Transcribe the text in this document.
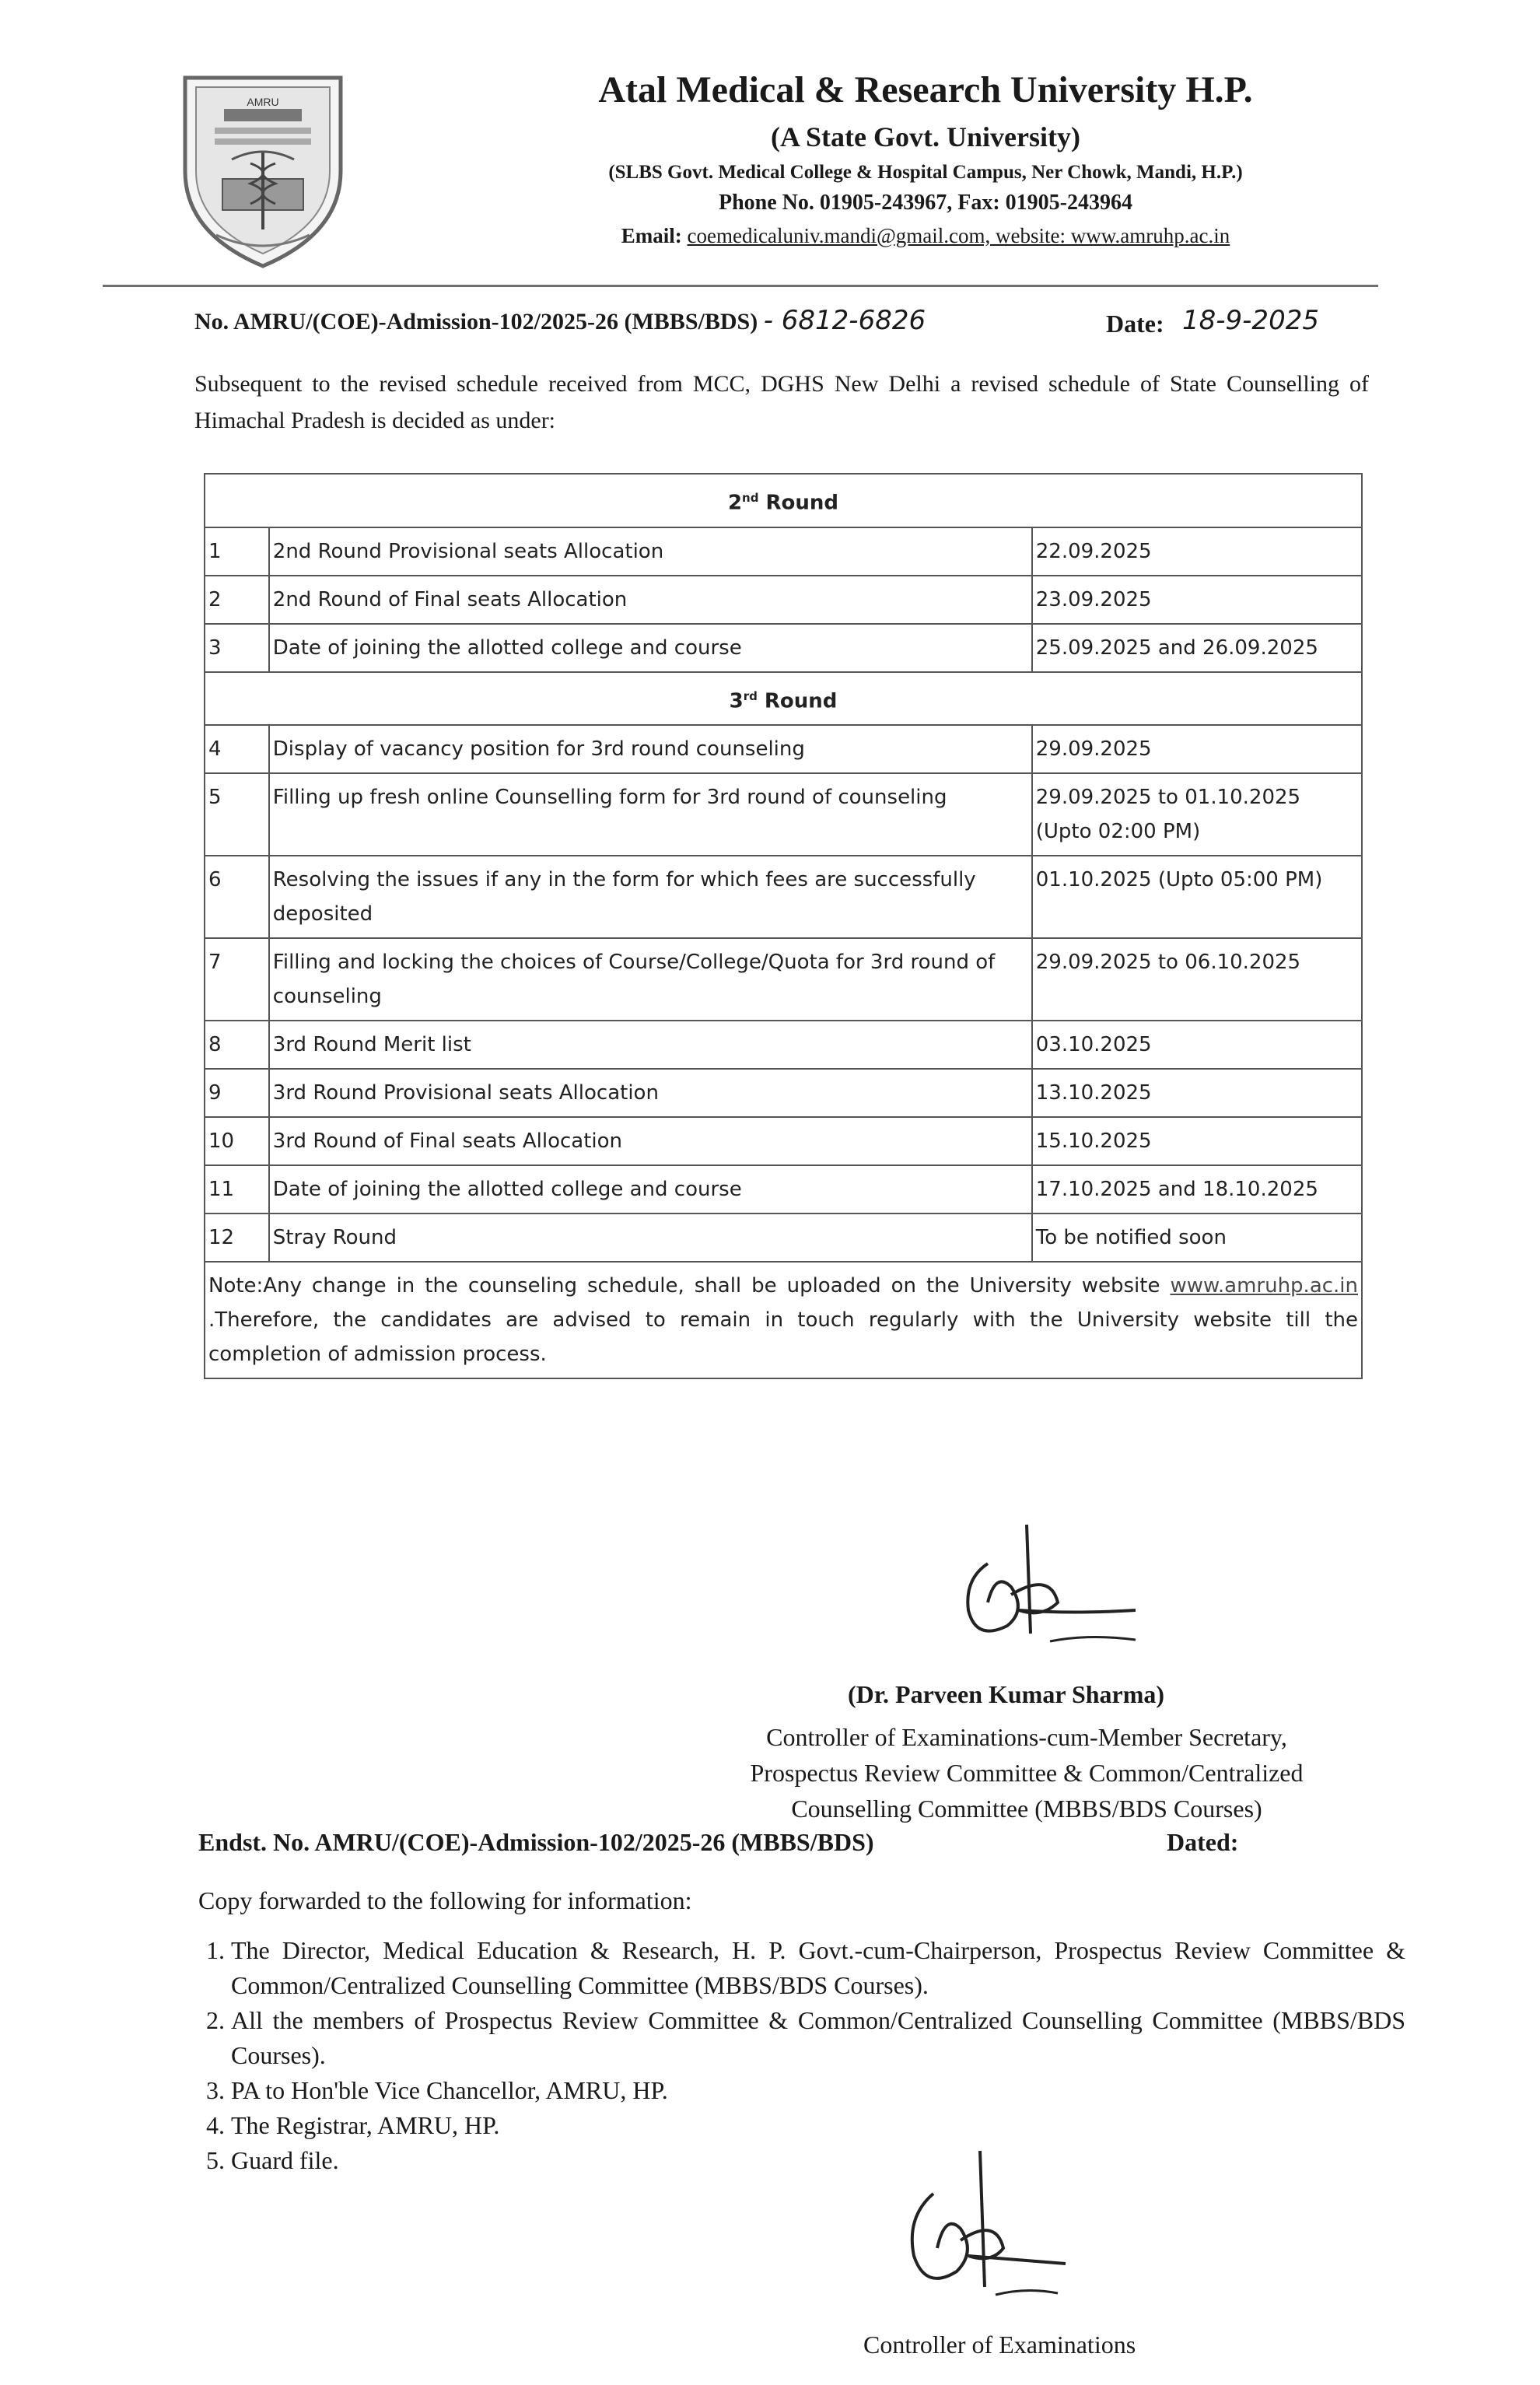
AMRU	Atal Medical & Research University H.P.
(A State Govt. University)
(SLBS Govt. Medical College & Hospital Campus, Ner Chowk, Mandi, H.P.)
Phone No. 01905-243967, Fax: 01905-243964
Email: coemedicaluniv.mandi@gmail.com, website: www.amruhp.ac.in
No. AMRU/(COE)-Admission-102/2025-26 (MBBS/BDS) - 6812-6826	Date: 18-9-2025
Subsequent to the revised schedule received from MCC, DGHS New Delhi a revised schedule of State Counselling of Himachal Pradesh is decided as under:
2nd Round		
1	2nd Round Provisional seats Allocation	22.09.2025
2	2nd Round of Final seats Allocation	23.09.2025
3	Date of joining the allotted college and course	25.09.2025 and 26.09.2025
3rd Round		
4	Display of vacancy position for 3rd round counseling	29.09.2025
5	Filling up fresh online Counselling form for 3rd round of counseling	29.09.2025 to 01.10.2025 (Upto 02:00 PM)
6	Resolving the issues if any in the form for which fees are successfully deposited	01.10.2025 (Upto 05:00 PM)
7	Filling and locking the choices of Course/College/Quota for 3rd round of counseling	29.09.2025 to 06.10.2025
8	3rd Round Merit list	03.10.2025
9	3rd Round Provisional seats Allocation	13.10.2025
10	3rd Round of Final seats Allocation	15.10.2025
11	Date of joining the allotted college and course	17.10.2025 and 18.10.2025
12	Stray Round	To be notified soon
Note:Any change in the counseling schedule, shall be uploaded on the University website www.amruhp.ac.in .Therefore, the candidates are advised to remain in touch regularly with the University website till the completion of admission process.		
(Dr. Parveen Kumar Sharma)
Controller of Examinations-cum-Member Secretary,
Prospectus Review Committee & Common/Centralized
Counselling Committee (MBBS/BDS Courses)
Endst. No. AMRU/(COE)-Admission-102/2025-26 (MBBS/BDS)	Dated:
Copy forwarded to the following for information:
1. The Director, Medical Education & Research, H. P. Govt.-cum-Chairperson, Prospectus Review Committee & Common/Centralized Counselling Committee (MBBS/BDS Courses).
2. All the members of Prospectus Review Committee & Common/Centralized Counselling Committee (MBBS/BDS Courses).
3. PA to Hon'ble Vice Chancellor, AMRU, HP.
4. The Registrar, AMRU, HP.
5. Guard file.
Controller of Examinations
